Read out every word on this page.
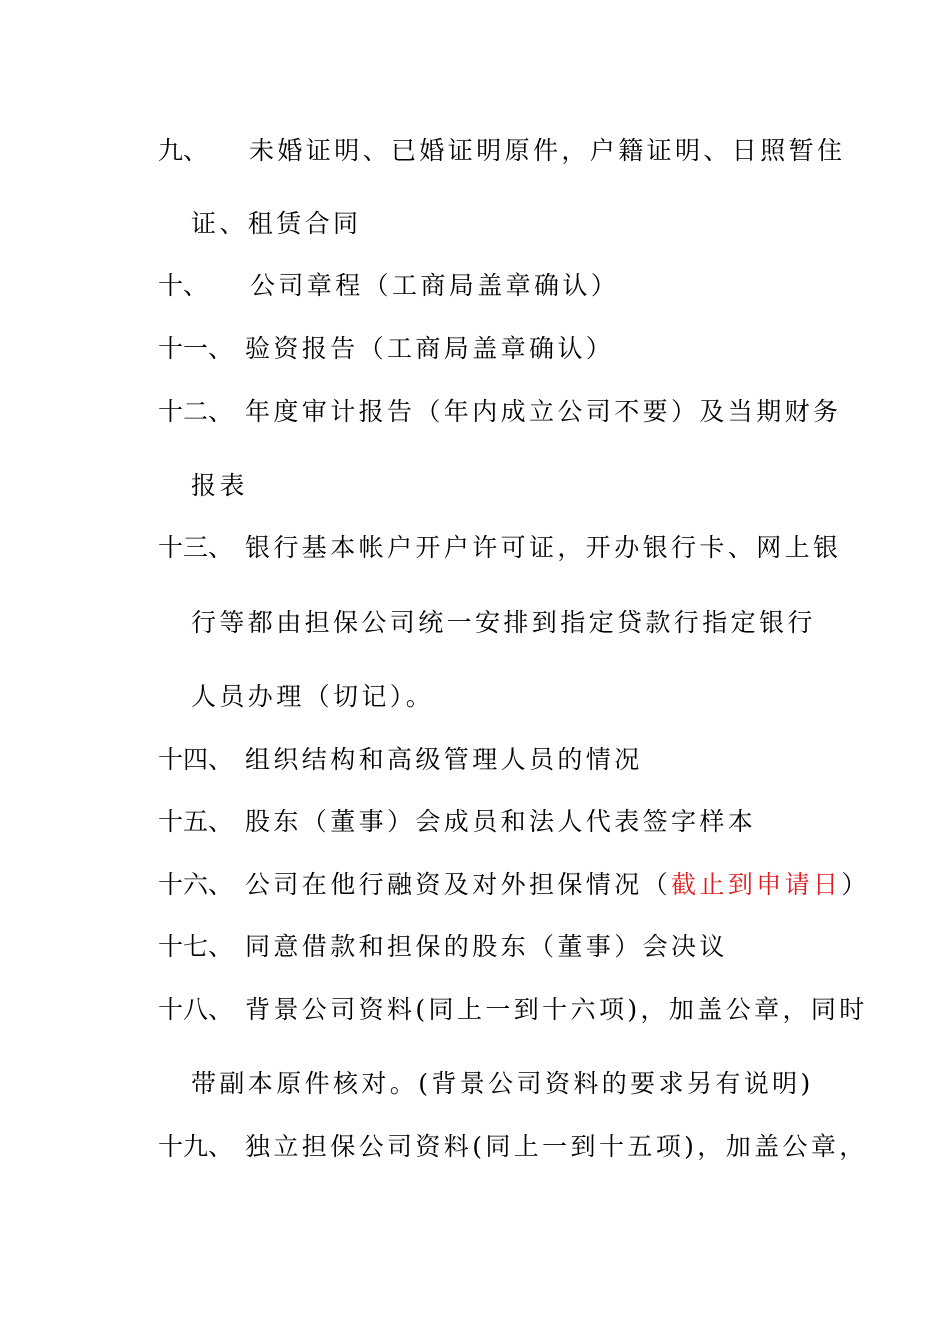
九、 未婚证明、已婚证明原件，户籍证明、日照暂住
证、租赁合同
十、 公司章程（工商局盖章确认）
十一、 验资报告（工商局盖章确认）
十二、 年度审计报告（年内成立公司不要）及当期财务
报表
十三、 银行基本帐户开户许可证，开办银行卡、网上银
行等都由担保公司统一安排到指定贷款行指定银行
人员办理（切记）。
十四、 组织结构和高级管理人员的情况
十五、 股东（董事）会成员和法人代表签字样本
十六、 公司在他行融资及对外担保情况（截止到申请日）
十七、 同意借款和担保的股东（董事）会决议
十八、 背景公司资料(同上一到十六项)，加盖公章，同时
带副本原件核对。(背景公司资料的要求另有说明)
十九、 独立担保公司资料(同上一到十五项)，加盖公章，
